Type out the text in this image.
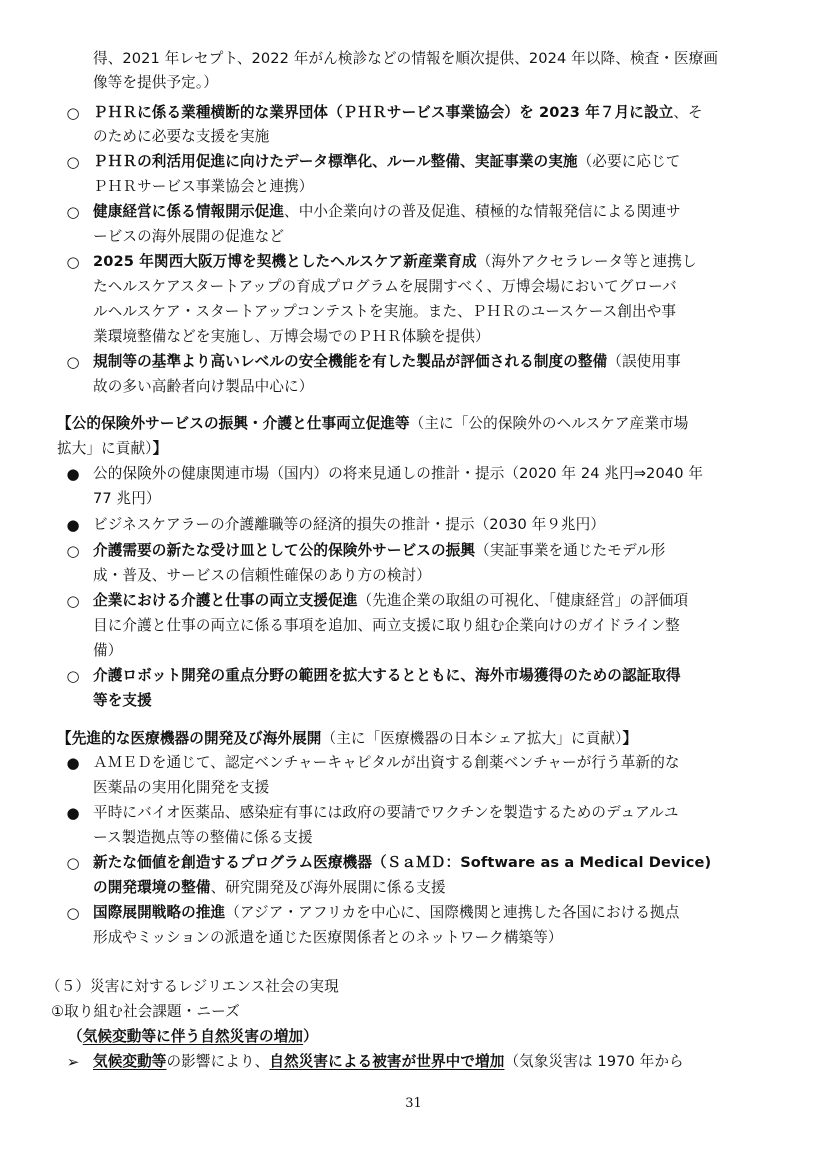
得、2021 年レセプト、2022 年がん検診などの情報を順次提供、2024 年以降、検査・医療画
像等を提供予定。）
○ ＰＨＲに係る業種横断的な業界団体（ＰＨＲサービス事業協会）を 2023 年７月に設立、そ
のために必要な支援を実施
○ ＰＨＲの利活用促進に向けたデータ標準化、ルール整備、実証事業の実施（必要に応じて
ＰＨＲサービス事業協会と連携）
○ 健康経営に係る情報開示促進、中小企業向けの普及促進、積極的な情報発信による関連サ
ービスの海外展開の促進など
○ 2025 年関西大阪万博を契機としたヘルスケア新産業育成（海外アクセラレータ等と連携し
たヘルスケアスタートアップの育成プログラムを展開すべく、万博会場においてグローバ
ルヘルスケア・スタートアップコンテストを実施。また、ＰＨＲのユースケース創出や事
業環境整備などを実施し、万博会場でのＰＨＲ体験を提供）
○ 規制等の基準より高いレベルの安全機能を有した製品が評価される制度の整備（誤使用事
故の多い高齢者向け製品中心に）
【公的保険外サービスの振興・介護と仕事両立促進等（主に「公的保険外のヘルスケア産業市場
拡大」に貢献）】
● 公的保険外の健康関連市場（国内）の将来見通しの推計・提示（2020 年 24 兆円⇒2040 年
77 兆円）
● ビジネスケアラーの介護離職等の経済的損失の推計・提示（2030 年９兆円）
○ 介護需要の新たな受け皿として公的保険外サービスの振興（実証事業を通じたモデル形
成・普及、サービスの信頼性確保のあり方の検討）
○ 企業における介護と仕事の両立支援促進（先進企業の取組の可視化、「健康経営」の評価項
目に介護と仕事の両立に係る事項を追加、両立支援に取り組む企業向けのガイドライン整
備）
○ 介護ロボット開発の重点分野の範囲を拡大するとともに、海外市場獲得のための認証取得
等を支援
【先進的な医療機器の開発及び海外展開（主に「医療機器の日本シェア拡大」に貢献）】
● ＡＭＥＤを通じて、認定ベンチャーキャピタルが出資する創薬ベンチャーが行う革新的な
医薬品の実用化開発を支援
● 平時にバイオ医薬品、感染症有事には政府の要請でワクチンを製造するためのデュアルユ
ース製造拠点等の整備に係る支援
○ 新たな価値を創造するプログラム医療機器（ＳａＭＤ：Software as a Medical Device)
の開発環境の整備、研究開発及び海外展開に係る支援
○ 国際展開戦略の推進（アジア・アフリカを中心に、国際機関と連携した各国における拠点
形成やミッションの派遣を通じた医療関係者とのネットワーク構築等）
（５）災害に対するレジリエンス社会の実現
①取り組む社会課題・ニーズ
（気候変動等に伴う自然災害の増加）
➢ 気候変動等の影響により、自然災害による被害が世界中で増加（気象災害は 1970 年から
31
